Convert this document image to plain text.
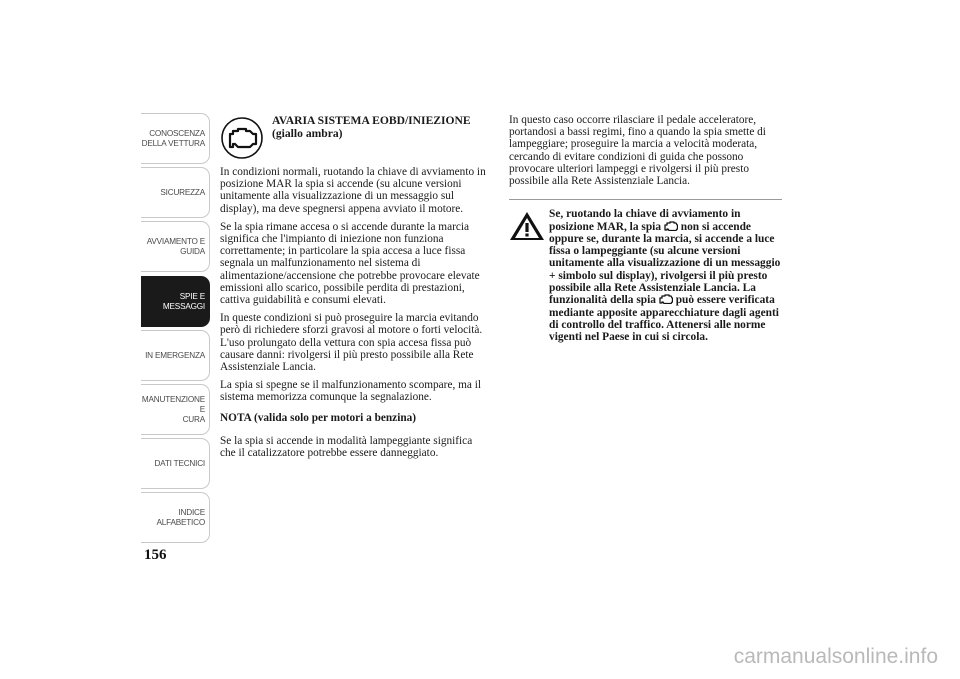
CONOSCENZA
DELLA VETTURA
SICUREZZA
AVVIAMENTO E
GUIDA
SPIE E MESSAGGI
IN EMERGENZA
MANUTENZIONE E
CURA
DATI TECNICI
INDICE
ALFABETICO
156
AVARIA SISTEMA EOBD/INIEZIONE
(giallo ambra)

In condizioni normali, ruotando la chiave di avviamento in posizione MAR la spia si accende (su alcune versioni unitamente alla visualizzazione di un messaggio sul display), ma deve spegnersi appena avviato il motore.

Se la spia rimane accesa o si accende durante la marcia significa che l'impianto di iniezione non funziona correttamente; in particolare la spia accesa a luce fissa segnala un malfunzionamento nel sistema di alimentazione/accensione che potrebbe provocare elevate emissioni allo scarico, possibile perdita di prestazioni, cattiva guidabilità e consumi elevati.

In queste condizioni si può proseguire la marcia evitando però di richiedere sforzi gravosi al motore o forti velocità. L'uso prolungato della vettura con spia accesa fissa può causare danni: rivolgersi il più presto possibile alla Rete Assistenziale Lancia.

La spia si spegne se il malfunzionamento scompare, ma il sistema memorizza comunque la segnalazione.

NOTA (valida solo per motori a benzina)

Se la spia si accende in modalità lampeggiante significa che il catalizzatore potrebbe essere danneggiato.

In questo caso occorre rilasciare il pedale acceleratore, portandosi a bassi regimi, fino a quando la spia smette di lampeggiare; proseguire la marcia a velocità moderata, cercando di evitare condizioni di guida che possono provocare ulteriori lampeggi e rivolgersi il più presto possibile alla Rete Assistenziale Lancia.

Se, ruotando la chiave di avviamento in posizione MAR, la spia non si accende oppure se, durante la marcia, si accende a luce fissa o lampeggiante (su alcune versioni unitamente alla visualizzazione di un messaggio + simbolo sul display), rivolgersi il più presto possibile alla Rete Assistenziale Lancia. La funzionalità della spia può essere verificata mediante apposite apparecchiature dagli agenti di controllo del traffico. Attenersi alle norme vigenti nel Paese in cui si circola.

carmanualsonline.info
